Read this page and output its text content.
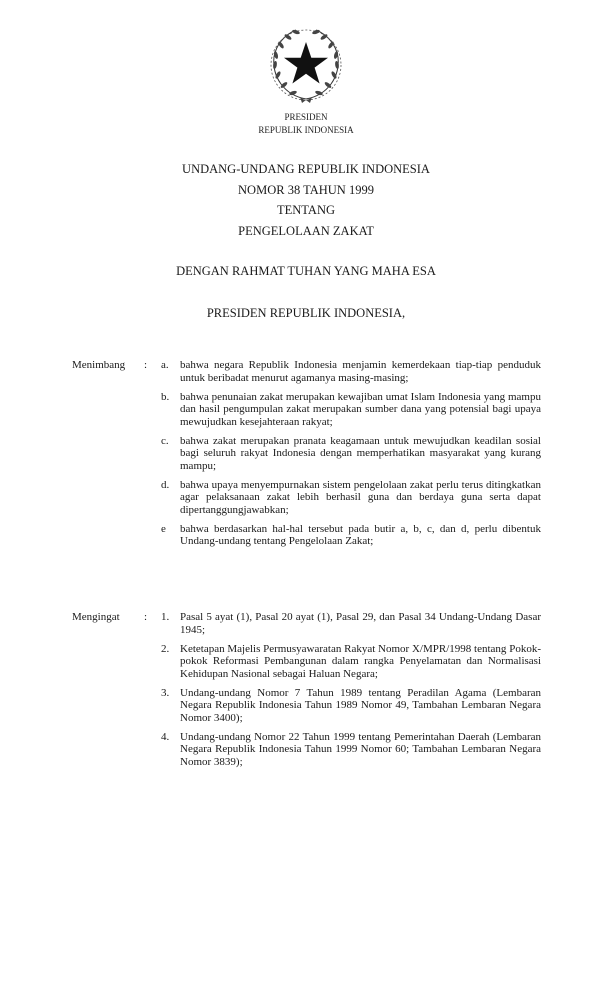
PRESIDEN
REPUBLIK INDONESIA
UNDANG-UNDANG REPUBLIK INDONESIA
NOMOR 38 TAHUN 1999
TENTANG
PENGELOLAAN ZAKAT
DENGAN RAHMAT TUHAN YANG MAHA ESA
PRESIDEN REPUBLIK INDONESIA,
Menimbang : a.	bahwa negara Republik Indonesia menjamin kemerdekaan tiap-tiap penduduk untuk beribadat menurut agamanya masing-masing;
b. bahwa penunaian zakat merupakan kewajiban umat Islam Indonesia yang mampu dan hasil pengumpulan zakat merupakan sumber dana yang potensial bagi upaya mewujudkan kesejahteraan rakyat;
c.	bahwa zakat merupakan pranata keagamaan untuk mewujudkan keadilan sosial bagi seluruh rakyat Indonesia dengan memperhatikan masyarakat yang kurang mampu;
d. bahwa upaya menyempurnakan sistem pengelolaan zakat perlu terus ditingkatkan agar pelaksanaan zakat lebih berhasil guna dan berdaya guna serta dapat dipertanggungjawabkan;
e	bahwa berdasarkan hal-hal tersebut pada butir a, b, c, dan d, perlu dibentuk Undang-undang tentang Pengelolaan Zakat;
Mengingat : 1. Pasal 5 ayat (1), Pasal 20 ayat (1), Pasal 29, dan Pasal 34 Undang-Undang Dasar 1945;
2. Ketetapan Majelis Permusyawaratan Rakyat Nomor X/MPR/1998 tentang Pokok-pokok Reformasi Pembangunan dalam rangka Penyelamatan dan Normalisasi Kehidupan Nasional sebagai Haluan Negara;
3. Undang-undang Nomor 7 Tahun 1989 tentang Peradilan Agama (Lembaran Negara Republik Indonesia Tahun 1989 Nomor 49, Tambahan Lembaran Negara Nomor 3400);
4. Undang-undang Nomor 22 Tahun 1999 tentang Pemerintahan Daerah (Lembaran Negara Republik Indonesia Tahun 1999 Nomor 60; Tambahan Lembaran Negara Nomor 3839);
